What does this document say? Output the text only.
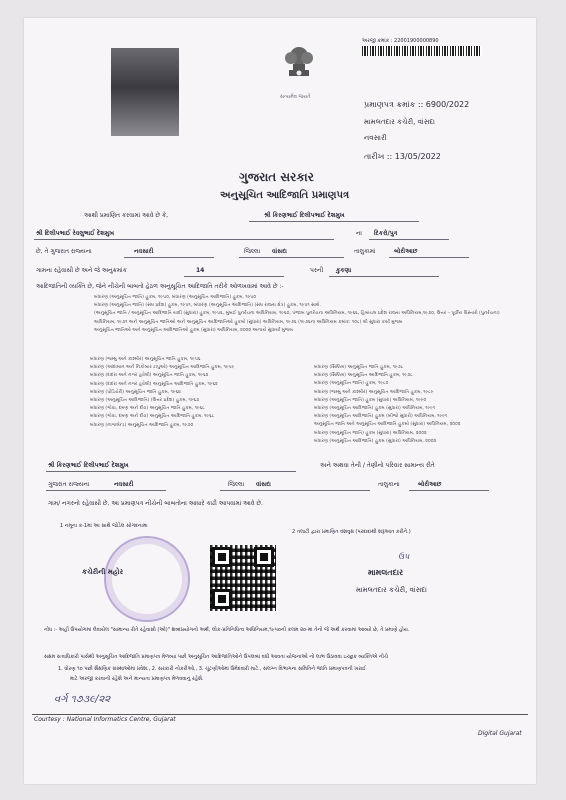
સત્યમેવ જયતે
અરજી ક્રમાંક : 22001900000890
પ્રમાણપત્ર ક્રમાંક :: 6900/2022
મામલતદાર કચેરી, વાંસદા
નવસારી
તારીખ :: 13/05/2022
ગુજરાત સરકાર
અનુસૂચિત આદિજાતિ પ્રમાણપત્ર
આથી પ્રમાણિત કરવામાં આવે છે કે,	શ્રી કિરણભાઈ દિલીપભાઈ દેશમુખ
શ્રી દિલીપભાઈ રેવલુભાઈ દેશમુખ	ના દિકરો/પુત્ર
છે, તે ગુજરાત રાજ્યના	નવસારી	જિલ્લા વાંસદા	તાલુકામાં	બોરીઆછ
ગામના રહેવાસી છે અને જે અનુક્રમાંક	14	પરની કુકણા
આદિજાતિની વ્યક્તિ છે, જેને નીચેની બાબતો હેઠળ અનુસૂચિત આદિજાતિ તરીકે ઓળખવામાં આવે છે :-
બંધારણ (અનુસૂચિત જાતિ) હુકમ, ૧૯૫૦, બંધારણ (અનુસૂચિત આદિજાતિ) હુકમ, ૧૯૫૦
બંધારણ (અનુસૂચિત જાતિ) (સંઘ પ્રદેશ) હુકમ, ૧૯૫૧, બંધારણ (અનુસૂચિત આદિજાતિ) (સંઘ રાજ્ય ક્ષેત્ર) હુકમ, ૧૯૫૧ સાથે.
(અનુસૂચિત જાતિ / અનુસૂચિત આદિજાતિ યાદી (સુધારા) હુકમ, ૧૯૫૬, મુંબઈ પુનર્રચના અધિનિયમ, ૧૯૬૦, પંજાબ પુનર્રચના અધિનિયમ, ૧૯૬૬, હિમાચલ પ્રદેશ રાજ્ય અધિનિયમ,૧૯૭૦, ઉત્તર – પૂર્વીય વિસ્તારો (પુનર્રચના)
અધિનિયમ, ૧૯૭૧ અને અનુસૂચિત જાતિઓ અને અનુસૂચિત આદિજાતિઓ હુકમો (સુધારા) અધિનિયમ, ૧૯૭૬ (૧૯૭૬ના અધિનિયમ ક્રમાંક: ૧૦૮) થી સુધારા કર્યા મુજબ
અનુસૂચિત જાતિઓ અને અનુસૂચિત આદિજાતિઓ હુકમ (સુધારા) અધિનિયમ, ૨૦૦૨ અન્વયે સુધાર્યા મુજબ
બંધારણ (જમ્મુ અને કાશ્મીર) અનુસૂચિત જાતિ હુકમ, ૧૯૫૬
બંધારણ (આંદામાન અને નિકોબાર ટાપુઓ) અનુસૂચિત આદિજાતિ હુકમ, ૧૯૫૯
બંધારણ (દાદરા અને નગર હવેલી) અનુસૂચિત જાતિ હુકમ, ૧૯૬૨
બંધારણ (દાદરા અને નગર હવેલી) અનુસૂચિત આદિજાતિ હુકમ, ૧૯૬૨
બંધારણ (પોંડિચેરી) અનુસૂચિત જાતિ હુકમ, ૧૯૬૪
બંધારણ (અનુસૂચિત આદિજાતિ) (ઉત્તર પ્રદેશ) હુકમ, ૧૯૬૭
બંધારણ (ગોવા, દમણ અને દીવ) અનુસૂચિત જાતિ હુકમ, ૧૯૬૮
બંધારણ (ગોવા, દમણ અને દીવ) અનુસૂચિત આદિજાતિ હુકમ, ૧૯૬૮
બંધારણ (નાગાલેન્ડ) અનુસૂચિત આદિજાતિ હુકમ, ૧૯૭૦
બંધારણ (સિક્કિમ) અનુસૂચિત જાતિ હુકમ, ૧૯૭૮
બંધારણ (સિક્કિમ) અનુસૂચિત આદિજાતિ હુકમ, ૧૯૭૮
બંધારણ (અનુસૂચિત જાતિ) હુકમ, ૧૯૮૦
બંધારણ (જમ્મુ અને કાશ્મીર) અનુસૂચિત આદિજાતિ હુકમ, ૧૯૮૯
બંધારણ (અનુસૂચિત જાતિ) હુકમ (સુધારા) અધિનિયમ, ૧૯૯૦
બંધારણ (અનુસૂચિત આદિજાતિ) હુકમ (સુધારા) અધિનિયમ, ૧૯૯૧
બંધારણ (અનુસૂચિત આદિજાતિ) હુકમ (બીજો સુધારો) અધિનિયમ, ૧૯૯૧
અનુસૂચિત જાતિ અને અનુસૂચિત આદિજાતિ હુકમો (સુધારા) અધિનિયમ, ૨૦૦૨
બંધારણ (અનુસૂચિત જાતિ) હુકમ (સુધારા) અધિનિયમ, ૨૦૦૨
બંધારણ (અનુસૂચિત આદિજાતિ) હુકમ (સુધારા) અધિનિયમ, ૨૦૦૨
શ્રી કિરણભાઈ દિલીપભાઈ દેશમુખ	અને અથવા તેની / તેણીનો પરિવાર સામાન્ય રીતે
ગુજરાત રાજ્યના	નવસારી	જિલ્લા વાંસદા	તાલુકાના	બોરીઆછ
ગામ/ નગરનો રહેવાસી છે. આ પ્રમાણપત્ર નીચેની બાબતોના આધારે કાઢી આપવામાં આવે છે.
1 નમૂના ક-1માં આ સાથે જોડેલ સોગંદનામા
2 તલાટી દ્વારા પ્રમાણિત વંશવૃક્ષ (પરદાદાથી શરૂઆત કરીને.)
કચેરીની મહોર
ઉપ
મામલતદાર
મામલતદાર કચેરી, વાંસદા
નોંધ :- અહીં ઉપયોગમાં લેવાયેલ "સામાન્ય રીતે રહેવાસી (ઓ)" શબ્દપ્રયોગનો અર્થ, લોક-પ્રતિનિધિત્વ અધિનિયમ,૧૯૫૦ની કલમ ૨૦-માં તેનો જે અર્થ કરવામાં આવ્યો છે, તે પ્રમાણે હોય.
સક્ષમ સત્તાધિકારી પાસેથી અનુસૂચિત આદિજાતિ પ્રમાણપત્ર મેળવ્યા પછી અનુસૂચિત આદિજાતિઓને ઉપલબ્ધ વધી આવતા યોજનાઓ નો લાભ ઉઠાવવા ઇચ્છુક વ્યક્તિએ નીચે
1. ધોરણ ૧૦ પછી શૈક્ષણિક સંસ્થાઓમાં પ્રવેશ., 2. સરકારી નોકરીઓ., 3. ચૂંટણીઓમાં ઉમેદવારી માટે., સંલગ્ન વિભાગના સમિતિને જાતિ પ્રમાણપત્રની ખરાઈ
માટે અરજી કરવાની રહેશે અને માન્યતા પ્રમાણપત્ર મેળવવાનું રહેશે.
વર્ગ ૧૭૩૯/૨૨
Courtesy : National Informatics Centre, Gujarat
Digital Gujarat
